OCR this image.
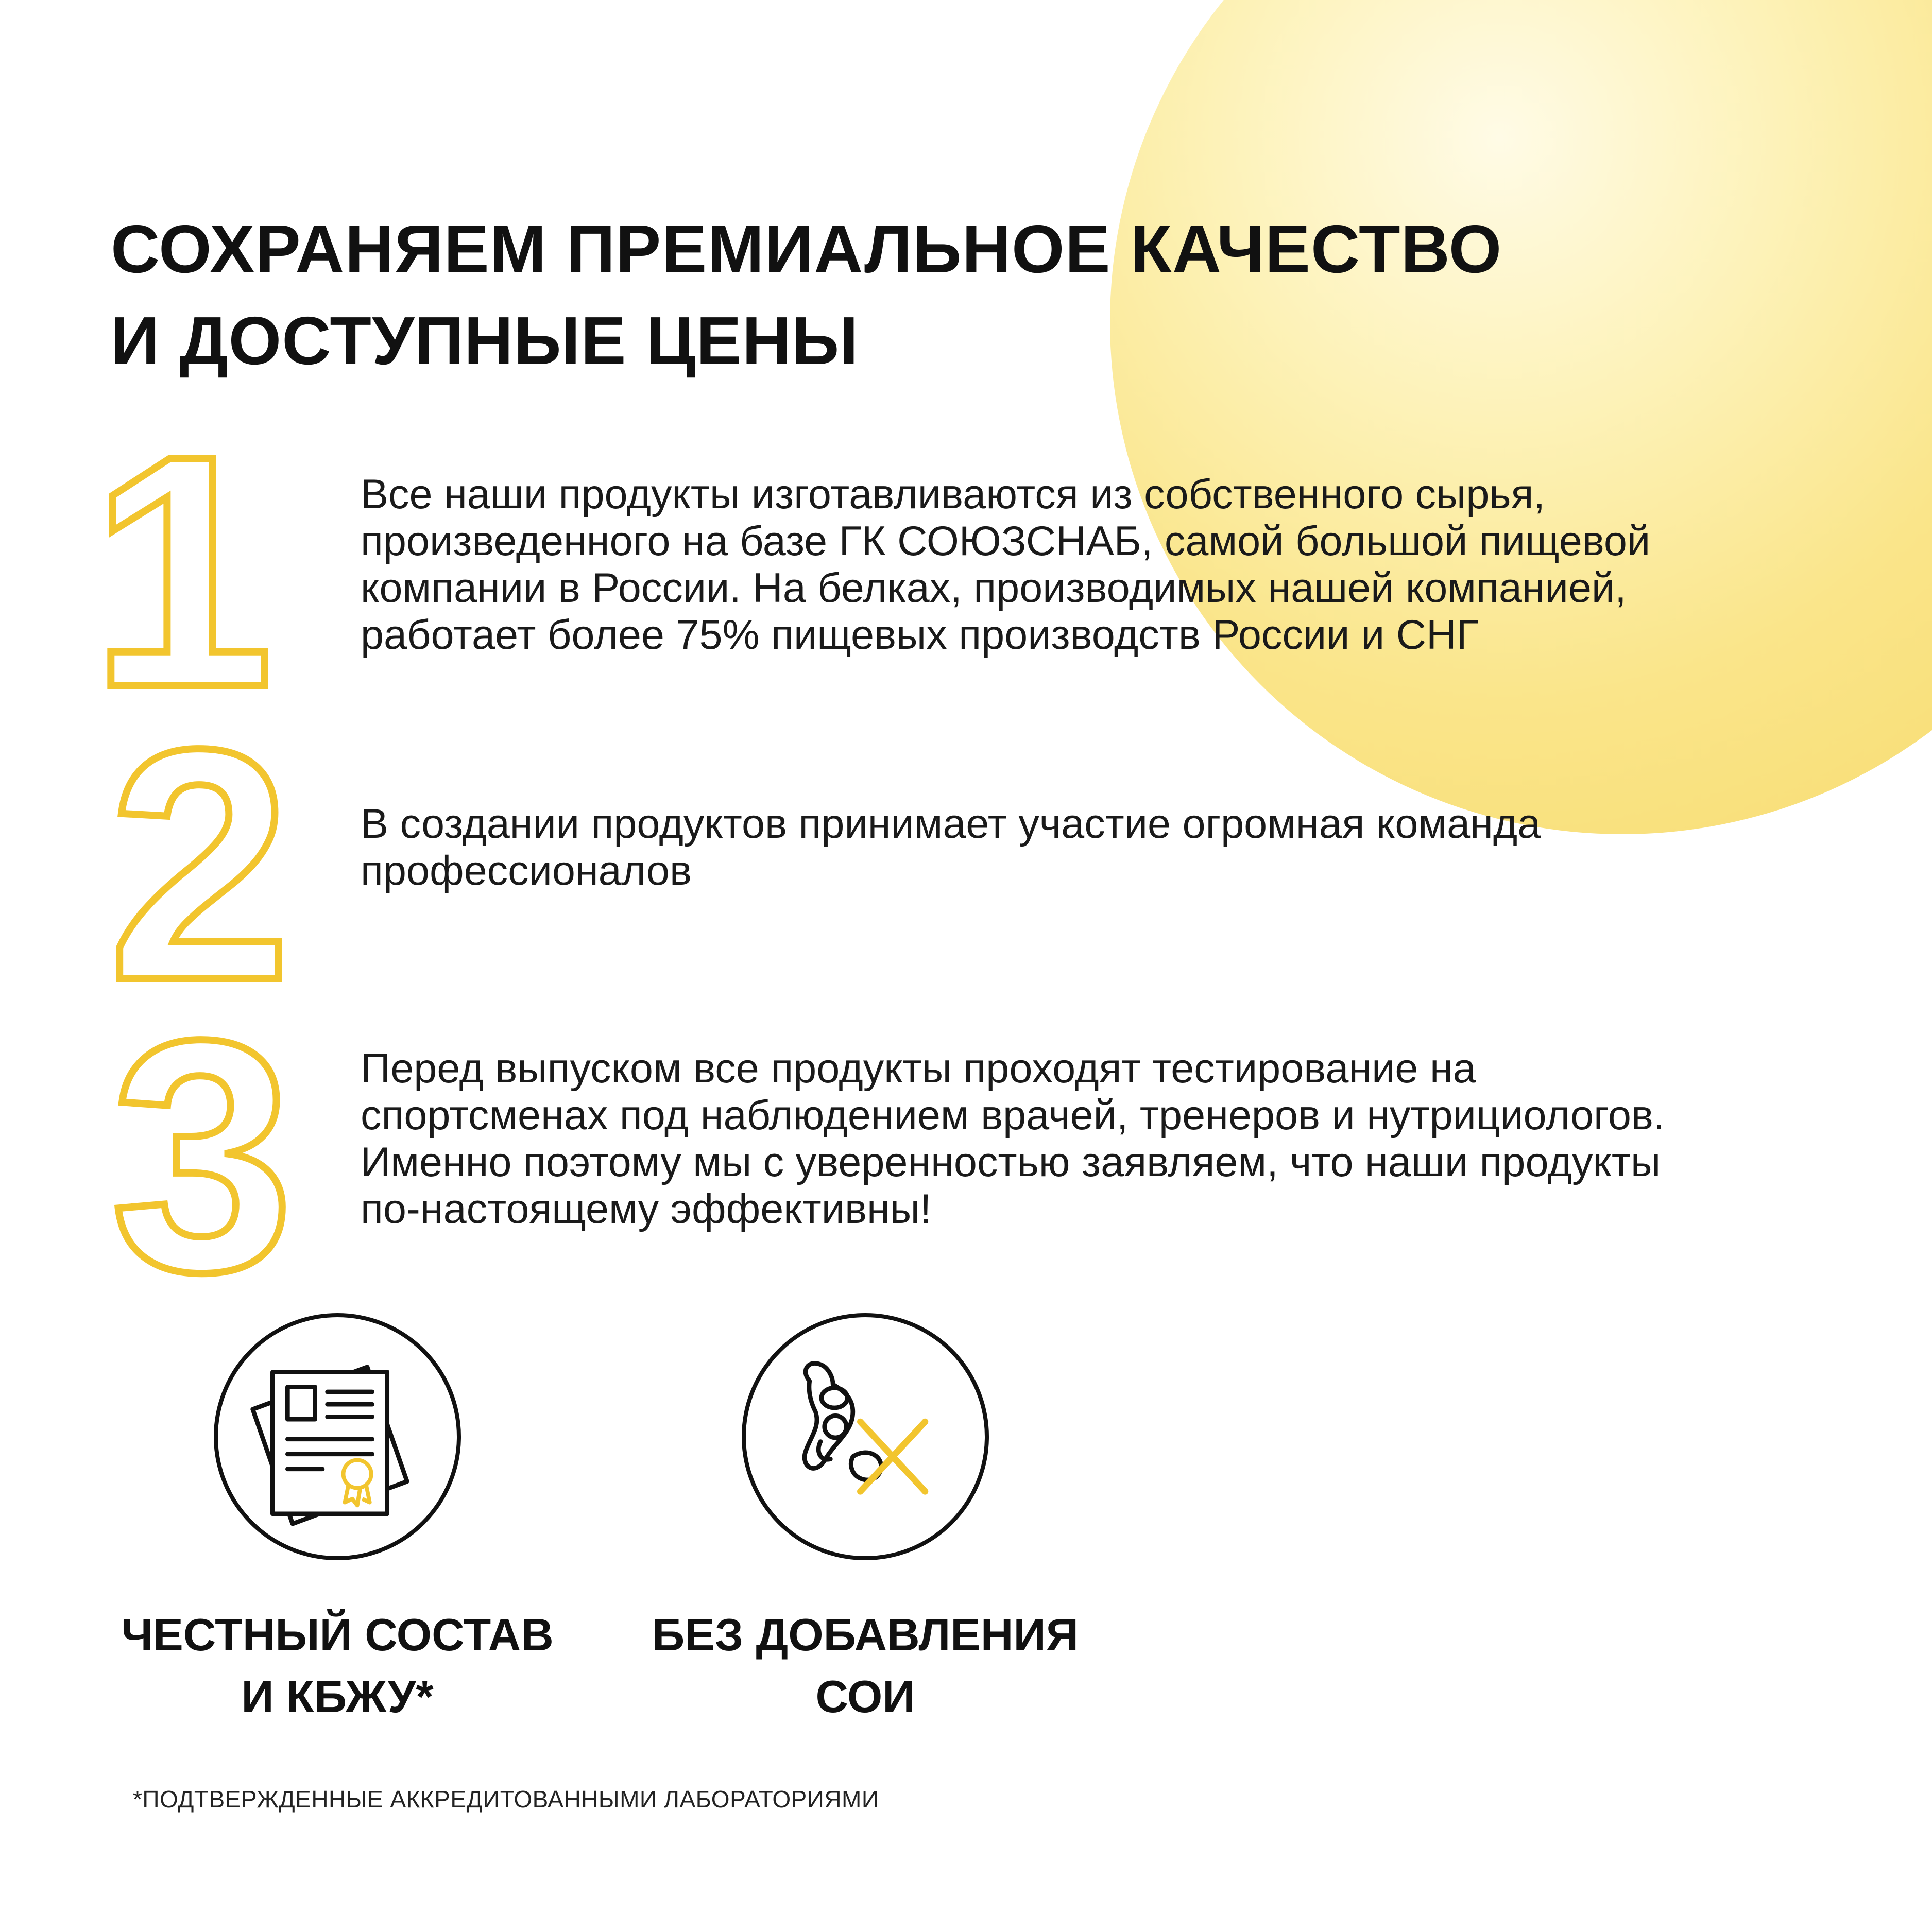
СОХРАНЯЕМ ПРЕМИАЛЬНОЕ КАЧЕСТВО
И ДОСТУПНЫЕ ЦЕНЫ
1
2
3

Все наши продукты изготавливаются из собственного сырья,
произведенного на базе ГК СОЮЗСНАБ, самой большой пищевой
компании в России. На белках, производимых нашей компанией,
работает более 75% пищевых производств России и СНГ

В создании продуктов принимает участие огромная команда
профессионалов

Перед выпуском все продукты проходят тестирование на
спортсменах под наблюдением врачей, тренеров и нутрициологов.
Именно поэтому мы с уверенностью заявляем, что наши продукты
по-настоящему эффективны!

ЧЕСТНЫЙ СОСТАВ
И КБЖУ*

БЕЗ ДОБАВЛЕНИЯ
СОИ

*ПОДТВЕРЖДЕННЫЕ АККРЕДИТОВАННЫМИ ЛАБОРАТОРИЯМИ
